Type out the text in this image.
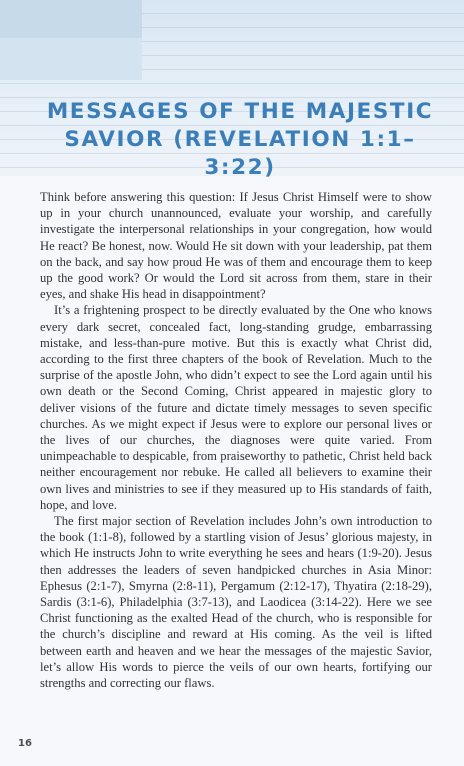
MESSAGES OF THE MAJESTIC
SAVIOR (REVELATION 1:1–3:22)

Think before answering this question: If Jesus Christ Himself were to show up in your church unannounced, evaluate your worship, and carefully investigate the interpersonal relationships in your congregation, how would He react? Be honest, now. Would He sit down with your leadership, pat them on the back, and say how proud He was of them and encourage them to keep up the good work? Or would the Lord sit across from them, stare in their eyes, and shake His head in disappointment?

It’s a frightening prospect to be directly evaluated by the One who knows every dark secret, concealed fact, long-standing grudge, embarrassing mistake, and less-than-pure motive. But this is exactly what Christ did, according to the first three chapters of the book of Revelation. Much to the surprise of the apostle John, who didn’t expect to see the Lord again until his own death or the Second Coming, Christ appeared in majestic glory to deliver visions of the future and dictate timely messages to seven specific churches. As we might expect if Jesus were to explore our personal lives or the lives of our churches, the diagnoses were quite varied. From unimpeachable to despicable, from praiseworthy to pathetic, Christ held back neither encouragement nor rebuke. He called all believers to examine their own lives and ministries to see if they measured up to His standards of faith, hope, and love.

The first major section of Revelation includes John’s own introduction to the book (1:1-8), followed by a startling vision of Jesus’ glorious majesty, in which He instructs John to write everything he sees and hears (1:9-20). Jesus then addresses the leaders of seven handpicked churches in Asia Minor: Ephesus (2:1-7), Smyrna (2:8-11), Pergamum (2:12-17), Thyatira (2:18-29), Sardis (3:1-6), Philadelphia (3:7-13), and Laodicea (3:14-22). Here we see Christ functioning as the exalted Head of the church, who is responsible for the church’s discipline and reward at His coming. As the veil is lifted between earth and heaven and we hear the messages of the majestic Savior, let’s allow His words to pierce the veils of our own hearts, fortifying our strengths and correcting our flaws.

16
